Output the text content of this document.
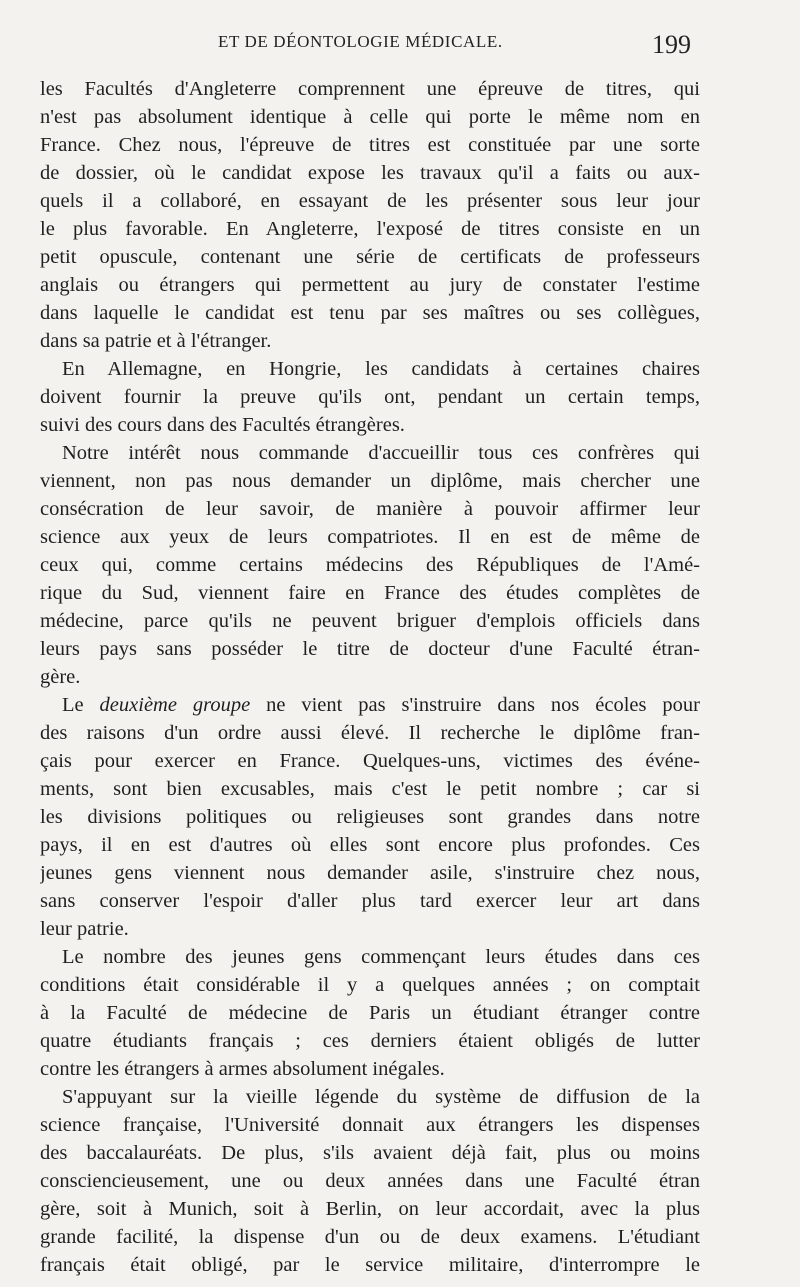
ET DE DÉONTOLOGIE MÉDICALE.	199

les Facultés d'Angleterre comprennent une épreuve de titres, qui
n'est pas absolument identique à celle qui porte le même nom en
France. Chez nous, l'épreuve de titres est constituée par une sorte
de dossier, où le candidat expose les travaux qu'il a faits ou aux-
quels il a collaboré, en essayant de les présenter sous leur jour
le plus favorable. En Angleterre, l'exposé de titres consiste en un
petit opuscule, contenant une série de certificats de professeurs
anglais ou étrangers qui permettent au jury de constater l'estime
dans laquelle le candidat est tenu par ses maîtres ou ses collègues,
dans sa patrie et à l'étranger.

En Allemagne, en Hongrie, les candidats à certaines chaires
doivent fournir la preuve qu'ils ont, pendant un certain temps,
suivi des cours dans des Facultés étrangères.

Notre intérêt nous commande d'accueillir tous ces confrères qui
viennent, non pas nous demander un diplôme, mais chercher une
consécration de leur savoir, de manière à pouvoir affirmer leur
science aux yeux de leurs compatriotes. Il en est de même de
ceux qui, comme certains médecins des Républiques de l'Amé-
rique du Sud, viennent faire en France des études complètes de
médecine, parce qu'ils ne peuvent briguer d'emplois officiels dans
leurs pays sans posséder le titre de docteur d'une Faculté étran-
gère.

Le deuxième groupe ne vient pas s'instruire dans nos écoles pour
des raisons d'un ordre aussi élevé. Il recherche le diplôme fran-
çais pour exercer en France. Quelques-uns, victimes des événe-
ments, sont bien excusables, mais c'est le petit nombre ; car si
les divisions politiques ou religieuses sont grandes dans notre
pays, il en est d'autres où elles sont encore plus profondes. Ces
jeunes gens viennent nous demander asile, s'instruire chez nous,
sans conserver l'espoir d'aller plus tard exercer leur art dans
leur patrie.

Le nombre des jeunes gens commençant leurs études dans ces
conditions était considérable il y a quelques années ; on comptait
à la Faculté de médecine de Paris un étudiant étranger contre
quatre étudiants français ; ces derniers étaient obligés de lutter
contre les étrangers à armes absolument inégales.

S'appuyant sur la vieille légende du système de diffusion de la
science française, l'Université donnait aux étrangers les dispenses
des baccalauréats. De plus, s'ils avaient déjà fait, plus ou moins
consciencieusement, une ou deux années dans une Faculté étran
gère, soit à Munich, soit à Berlin, on leur accordait, avec la plus
grande facilité, la dispense d'un ou de deux examens. L'étudiant
français était obligé, par le service militaire, d'interrompre le
